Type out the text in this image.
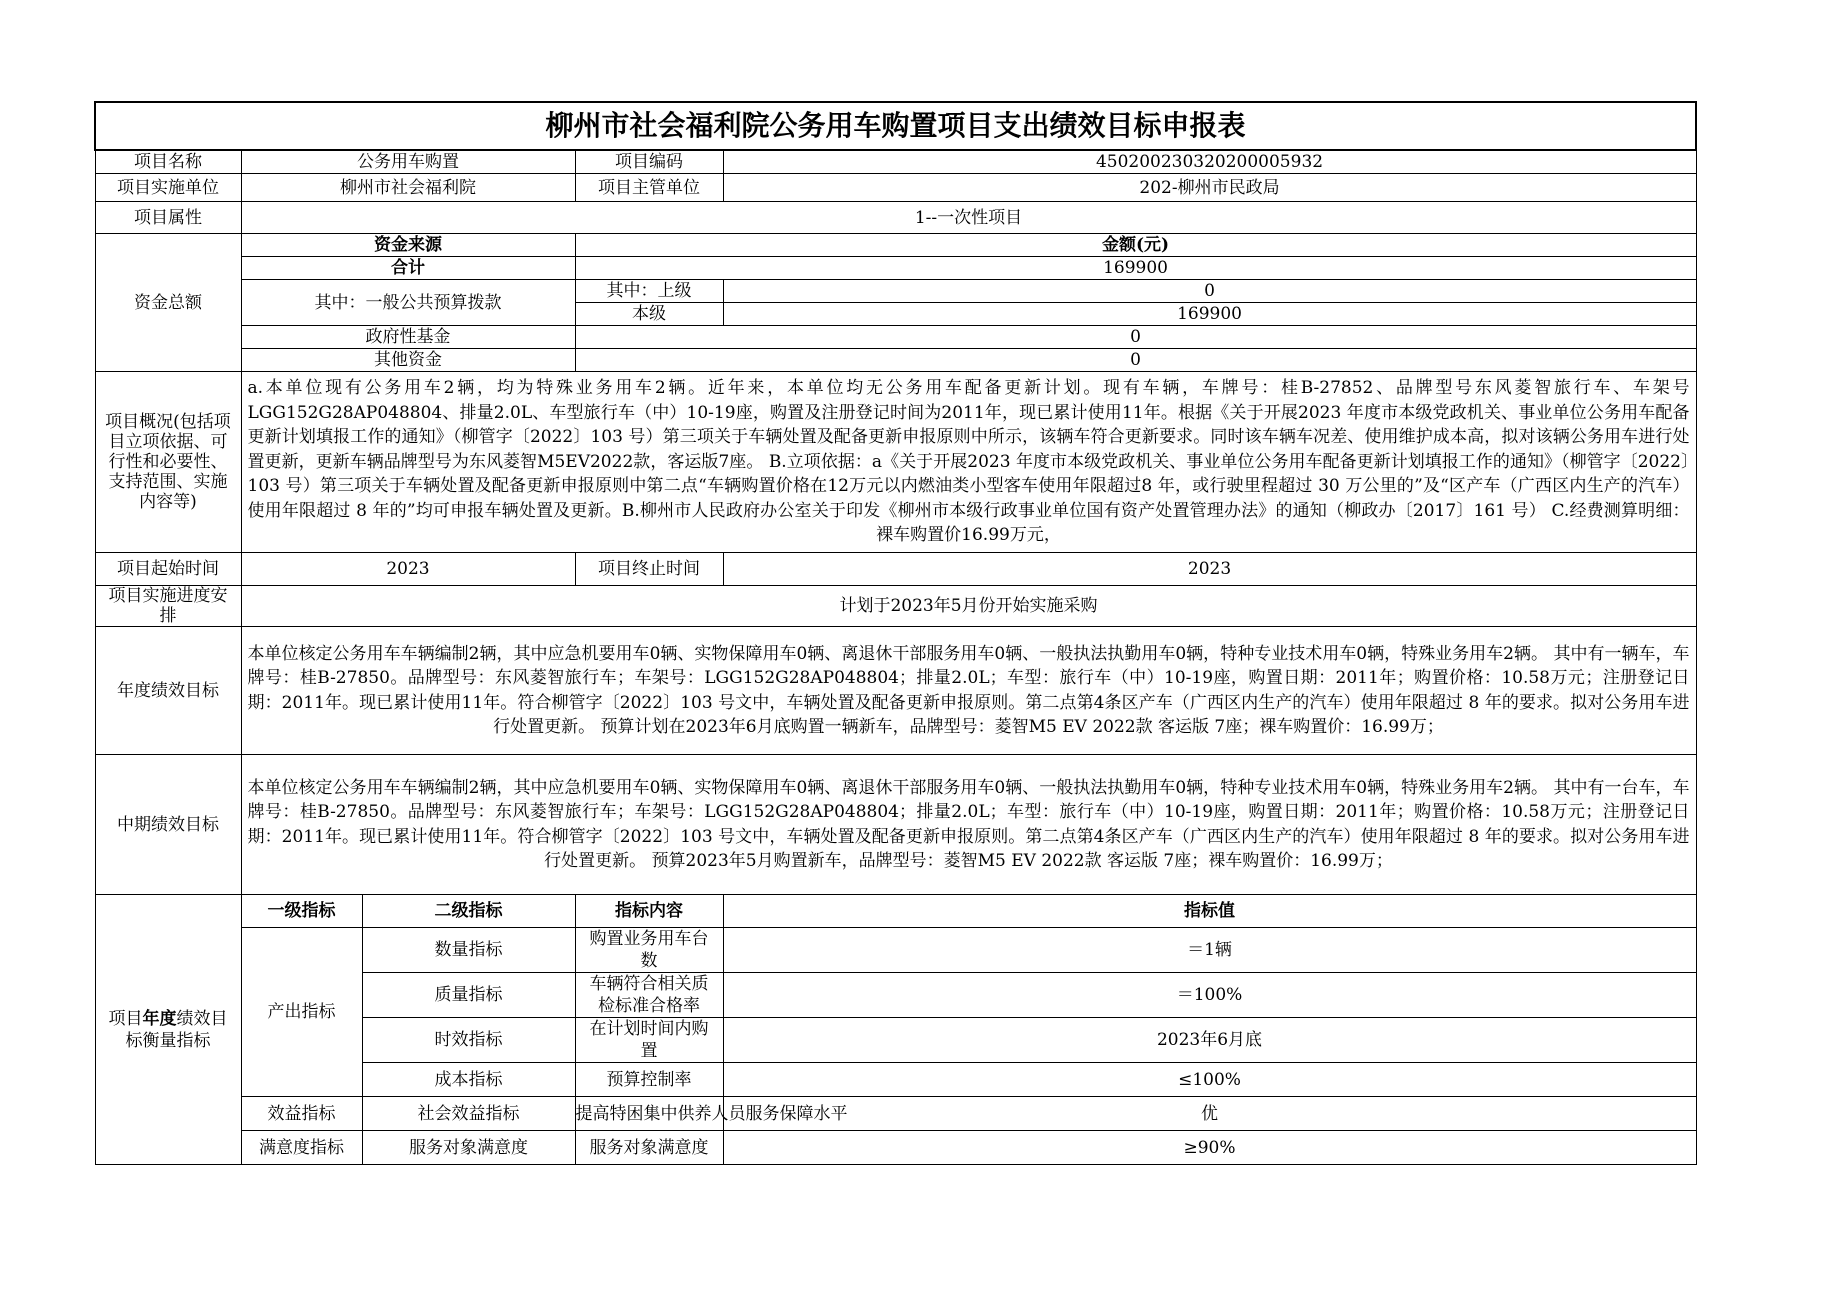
柳州市社会福利院公务用车购置项目支出绩效目标申报表				
项目名称	公务用车购置		项目编码	450200230320200005932
项目实施单位	柳州市社会福利院		项目主管单位	202-柳州市民政局
项目属性	1--一次性项目			
资金总额	资金来源		金额(元)	
	合计		169900	
	其中：一般公共预算拨款		其中：上级	0
			本级	169900
	政府性基金		0	
	其他资金		0	
项目概况(包括项目立项依据、可行性和必要性、支持范围、实施内容等)	a.本单位现有公务用车2辆，均为特殊业务用车2辆。近年来，本单位均无公务用车配备更新计划。现有车辆，车牌号：桂B-27852、品牌型号东风菱智旅行车、车架号LGG152G28AP048804、排量2.0L、车型旅行车（中）10-19座，购置及注册登记时间为2011年，现已累计使用11年。根据《关于开展2023 年度市本级党政机关、事业单位公务用车配备更新计划填报工作的通知》（柳管字〔2022〕103 号）第三项关于车辆处置及配备更新申报原则中所示，该辆车符合更新要求。同时该车辆车况差、使用维护成本高，拟对该辆公务用车进行处置更新，更新车辆品牌型号为东风菱智M5EV2022款，客运版7座。 B.立项依据：a《关于开展2023 年度市本级党政机关、事业单位公务用车配备更新计划填报工作的通知》（柳管字〔2022〕103 号）第三项关于车辆处置及配备更新申报原则中第二点“车辆购置价格在12万元以内燃油类小型客车使用年限超过8 年，或行驶里程超过 30 万公里的”及“区产车（广西区内生产的汽车）使用年限超过 8 年的”均可申报车辆处置及更新。B.柳州市人民政府办公室关于印发《柳州市本级行政事业单位国有资产处置管理办法》的通知（柳政办〔2017〕161 号） C.经费测算明细：裸车购置价16.99万元，			
项目起始时间	2023		项目终止时间	2023
项目实施进度安排	计划于2023年5月份开始实施采购			
年度绩效目标	本单位核定公务用车车辆编制2辆，其中应急机要用车0辆、实物保障用车0辆、离退休干部服务用车0辆、一般执法执勤用车0辆，特种专业技术用车0辆，特殊业务用车2辆。 其中有一辆车，车牌号：桂B-27850。品牌型号：东风菱智旅行车；车架号：LGG152G28AP048804；排量2.0L；车型：旅行车（中）10-19座，购置日期：2011年；购置价格：10.58万元；注册登记日期：2011年。现已累计使用11年。符合柳管字〔2022〕103 号文中，车辆处置及配备更新申报原则。第二点第4条区产车（广西区内生产的汽车）使用年限超过 8 年的要求。拟对公务用车进行处置更新。 预算计划在2023年6月底购置一辆新车，品牌型号：菱智M5 EV 2022款 客运版 7座；裸车购置价：16.99万；			
中期绩效目标	本单位核定公务用车车辆编制2辆，其中应急机要用车0辆、实物保障用车0辆、离退休干部服务用车0辆、一般执法执勤用车0辆，特种专业技术用车0辆，特殊业务用车2辆。 其中有一台车，车牌号：桂B-27850。品牌型号：东风菱智旅行车；车架号：LGG152G28AP048804；排量2.0L；车型：旅行车（中）10-19座，购置日期：2011年；购置价格：10.58万元；注册登记日期：2011年。现已累计使用11年。符合柳管字〔2022〕103 号文中，车辆处置及配备更新申报原则。第二点第4条区产车（广西区内生产的汽车）使用年限超过 8 年的要求。拟对公务用车进行处置更新。 预算2023年5月购置新车，品牌型号：菱智M5 EV 2022款 客运版 7座；裸车购置价：16.99万；			
项目年度绩效目标衡量指标	一级指标	二级指标	指标内容	指标值
	产出指标	数量指标	购置业务用车台数	＝1辆
		质量指标	车辆符合相关质检标准合格率	＝100%
		时效指标	在计划时间内购置	2023年6月底
		成本指标	预算控制率	≤100%
	效益指标	社会效益指标	提高特困集中供养人员服务保障水平	优
	满意度指标	服务对象满意度	服务对象满意度	≥90%
